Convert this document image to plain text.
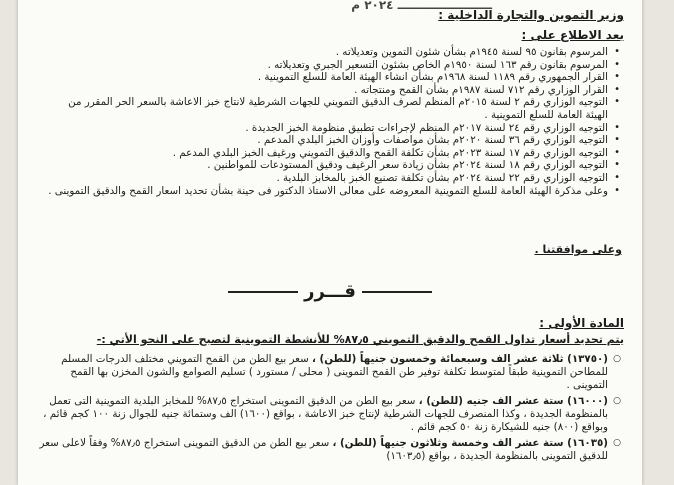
ـــــــــــــــــــــــ ۲۰۲٤ م
وزير التموين والتجارة الداخلية :
بعد الاطلاع على :
• المرسوم بقانون ٩٥ لسنة ١٩٤٥م بشأن شئون التموين وتعديلاته .
• المرسوم بقانون رقم ١٦٣ لسنة ١٩٥٠م الخاص بشئون التسعير الجبري وتعديلاته .
• القرار الجمهوري رقم ١١٨٩ لسنة ١٩٦٨م بشأن انشاء الهيئة العامة للسلع التموينية .
• القرار الوزاري رقم ٧١٢ لسنة ١٩٨٧م بشأن القمح ومنتجاته .
• التوجيه الوزاري رقم ٢ لسنة ٢٠١٥م المنظم لصرف الدقيق التمويني للجهات الشرطية لانتاج خبز الاعاشة بالسعر الحر المقرر من الهيئة العامة للسلع التموينية .
• التوجيه الوزاري رقم ٢٤ لسنة ٢٠١٧م المنظم لإجراءات تطبيق منظومة الخبز الجديدة .
• التوجيه الوزاري رقم ٣٦ لسنة ٢٠٢٠م بشأن مواصفات وأوزان الخبز البلدي المدعم .
• التوجيه الوزاري رقم ١٧ لسنة ٢٠٢٣م بشأن تكلفة القمح والدقيق التمويني ورغيف الخبز البلدي المدعم .
• التوجيه الوزاري رقم ١٨ لسنة ٢٠٢٤م بشأن زيادة سعر الرغيف ودقيق المستودعات للمواطنين .
• التوجيه الوزاري رقم ٢٢ لسنة ٢٠٢٤م بشأن تكلفة تصنيع الخبز بالمخابز البلدية .
• وعلى مذكرة الهيئة العامة للسلع التموينية المعروضه على معالى الاستاذ الدكتور فى حينة بشأن تحديد اسعار القمح والدقيق التموينى .
وعلى موافقتنا .
قـــرر
المادة الأولى :
يتم تحديد أسعار تداول القمح والدقيق التمويني ٨٧٫٥% للأنشطة التموينية لتصبح على النحو الأتي :-
○ (١٣٧٥٠) ثلاثة عشر الف وسبعمائة وخمسون جنيهاً (للطن) ، سعر بيع الطن من القمح التمويني مختلف الدرجات المسلم للمطاحن التموينية طبقاً لمتوسط تكلفة توفير طن القمح التموينى ( محلى / مستورد ) تسليم الصوامع والشون المخزن بها القمح التموينى .
○ (١٦٠٠٠) ستة عشر الف جنيه (للطن) ، سعر بيع الطن من الدقيق التموينى استخراج ٨٧٫٥% للمخابز البلدية التموينية التى تعمل بالمنظومة الجديدة ، وكذا المنصرف للجهات الشرطية لإنتاج خبز الاعاشة ، بواقع (١٦٠٠) الف وستمائة جنيه للجوال زنة ١٠٠ كجم قائم ، وبواقع (٨٠٠) جنيه للشيكارة زنة ٥٠ كجم قائم .
○ (١٦٠٣٥) ستة عشر الف وخمسة وثلاثون جنيهاً (للطن) ، سعر بيع الطن من الدقيق التموينى استخراج ٨٧٫٥% وفقاً لاعلى سعر للدقيق التموينى بالمنظومة الجديدة ، بواقع (١٦٠٣٫٥)
